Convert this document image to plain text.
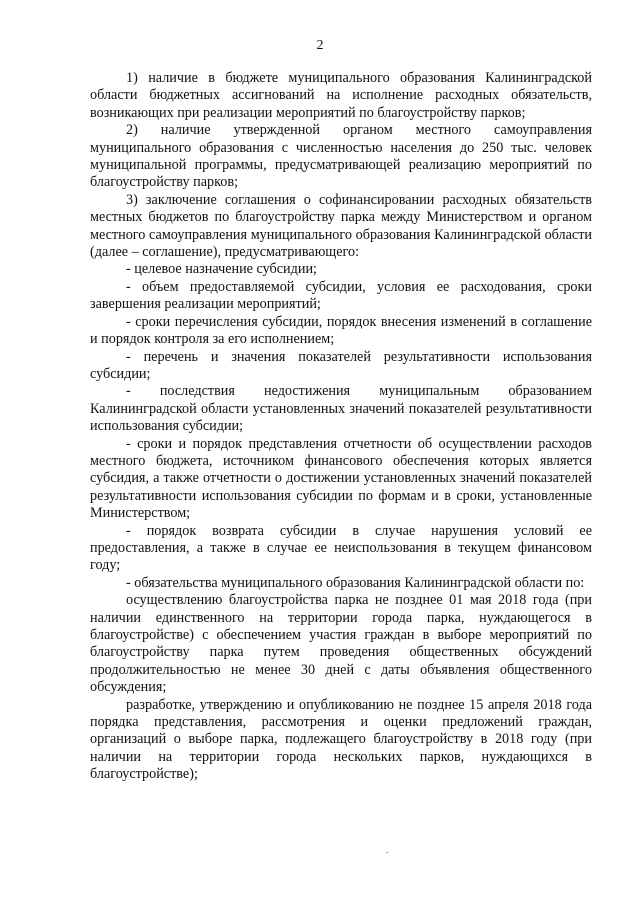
2

1) наличие в бюджете муниципального образования Калининградской области бюджетных ассигнований на исполнение расходных обязательств, возникающих при реализации мероприятий по благоустройству парков;

2) наличие утвержденной органом местного самоуправления муниципального образования с численностью населения до 250 тыс. человек муниципальной программы, предусматривающей реализацию мероприятий по благоустройству парков;

3) заключение соглашения о софинансировании расходных обязательств местных бюджетов по благоустройству парка между Министерством и органом местного самоуправления муниципального образования Калининградской области (далее – соглашение), предусматривающего:

- целевое назначение субсидии;

- объем предоставляемой субсидии, условия ее расходования, сроки завершения реализации мероприятий;

- сроки перечисления субсидии, порядок внесения изменений в соглашение и порядок контроля за его исполнением;

- перечень и значения показателей результативности использования субсидии;

- последствия недостижения муниципальным образованием Калининградской области установленных значений показателей результативности использования субсидии;

- сроки и порядок представления отчетности об осуществлении расходов местного бюджета, источником финансового обеспечения которых является субсидия, а также отчетности о достижении установленных значений показателей результативности использования субсидии по формам и в сроки, установленные Министерством;

- порядок возврата субсидии в случае нарушения условий ее предоставления, а также в случае ее неиспользования в текущем финансовом году;

- обязательства муниципального образования Калининградской области по:

осуществлению благоустройства парка не позднее 01 мая 2018 года (при наличии единственного на территории города парка, нуждающегося в благоустройстве) с обеспечением участия граждан в выборе мероприятий по благоустройству парка путем проведения общественных обсуждений продолжительностью не менее 30 дней с даты объявления общественного обсуждения;

разработке, утверждению и опубликованию не позднее 15 апреля 2018 года порядка представления, рассмотрения и оценки предложений граждан, организаций о выборе парка, подлежащего благоустройству в 2018 году (при наличии на территории города нескольких парков, нуждающихся в благоустройстве);
